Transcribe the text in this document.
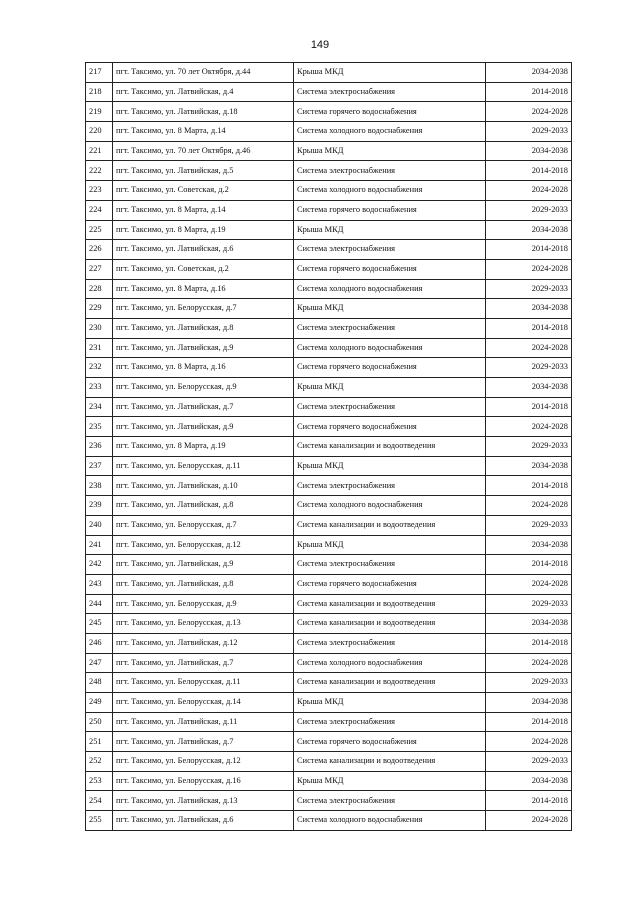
149
217	пгт. Таксимо, ул. 70 лет Октября, д.44	Крыша МКД	2034-2038
218	пгт. Таксимо, ул. Латвийская, д.4	Система электроснабжения	2014-2018
219	пгт. Таксимо, ул. Латвийская, д.18	Система горячего водоснабжения	2024-2028
220	пгт. Таксимо, ул. 8 Марта, д.14	Система холодного водоснабжения	2029-2033
221	пгт. Таксимо, ул. 70 лет Октября, д.46	Крыша МКД	2034-2038
222	пгт. Таксимо, ул. Латвийская, д.5	Система электроснабжения	2014-2018
223	пгт. Таксимо, ул. Советская, д.2	Система холодного водоснабжения	2024-2028
224	пгт. Таксимо, ул. 8 Марта, д.14	Система горячего водоснабжения	2029-2033
225	пгт. Таксимо, ул. 8 Марта, д.19	Крыша МКД	2034-2038
226	пгт. Таксимо, ул. Латвийская, д.6	Система электроснабжения	2014-2018
227	пгт. Таксимо, ул. Советская, д.2	Система горячего водоснабжения	2024-2028
228	пгт. Таксимо, ул. 8 Марта, д.16	Система холодного водоснабжения	2029-2033
229	пгт. Таксимо, ул. Белорусская, д.7	Крыша МКД	2034-2038
230	пгт. Таксимо, ул. Латвийская, д.8	Система электроснабжения	2014-2018
231	пгт. Таксимо, ул. Латвийская, д.9	Система холодного водоснабжения	2024-2028
232	пгт. Таксимо, ул. 8 Марта, д.16	Система горячего водоснабжения	2029-2033
233	пгт. Таксимо, ул. Белорусская, д.9	Крыша МКД	2034-2038
234	пгт. Таксимо, ул. Латвийская, д.7	Система электроснабжения	2014-2018
235	пгт. Таксимо, ул. Латвийская, д.9	Система горячего водоснабжения	2024-2028
236	пгт. Таксимо, ул. 8 Марта, д.19	Система канализации и водоотведения	2029-2033
237	пгт. Таксимо, ул. Белорусская, д.11	Крыша МКД	2034-2038
238	пгт. Таксимо, ул. Латвийская, д.10	Система электроснабжения	2014-2018
239	пгт. Таксимо, ул. Латвийская, д.8	Система холодного водоснабжения	2024-2028
240	пгт. Таксимо, ул. Белорусская, д.7	Система канализации и водоотведения	2029-2033
241	пгт. Таксимо, ул. Белорусская, д.12	Крыша МКД	2034-2038
242	пгт. Таксимо, ул. Латвийская, д.9	Система электроснабжения	2014-2018
243	пгт. Таксимо, ул. Латвийская, д.8	Система горячего водоснабжения	2024-2028
244	пгт. Таксимо, ул. Белорусская, д.9	Система канализации и водоотведения	2029-2033
245	пгт. Таксимо, ул. Белорусская, д.13	Система канализации и водоотведения	2034-2038
246	пгт. Таксимо, ул. Латвийская, д.12	Система электроснабжения	2014-2018
247	пгт. Таксимо, ул. Латвийская, д.7	Система холодного водоснабжения	2024-2028
248	пгт. Таксимо, ул. Белорусская, д.11	Система канализации и водоотведения	2029-2033
249	пгт. Таксимо, ул. Белорусская, д.14	Крыша МКД	2034-2038
250	пгт. Таксимо, ул. Латвийская, д.11	Система электроснабжения	2014-2018
251	пгт. Таксимо, ул. Латвийская, д.7	Система горячего водоснабжения	2024-2028
252	пгт. Таксимо, ул. Белорусская, д.12	Система канализации и водоотведения	2029-2033
253	пгт. Таксимо, ул. Белорусская, д.16	Крыша МКД	2034-2038
254	пгт. Таксимо, ул. Латвийская, д.13	Система электроснабжения	2014-2018
255	пгт. Таксимо, ул. Латвийская, д.6	Система холодного водоснабжения	2024-2028
